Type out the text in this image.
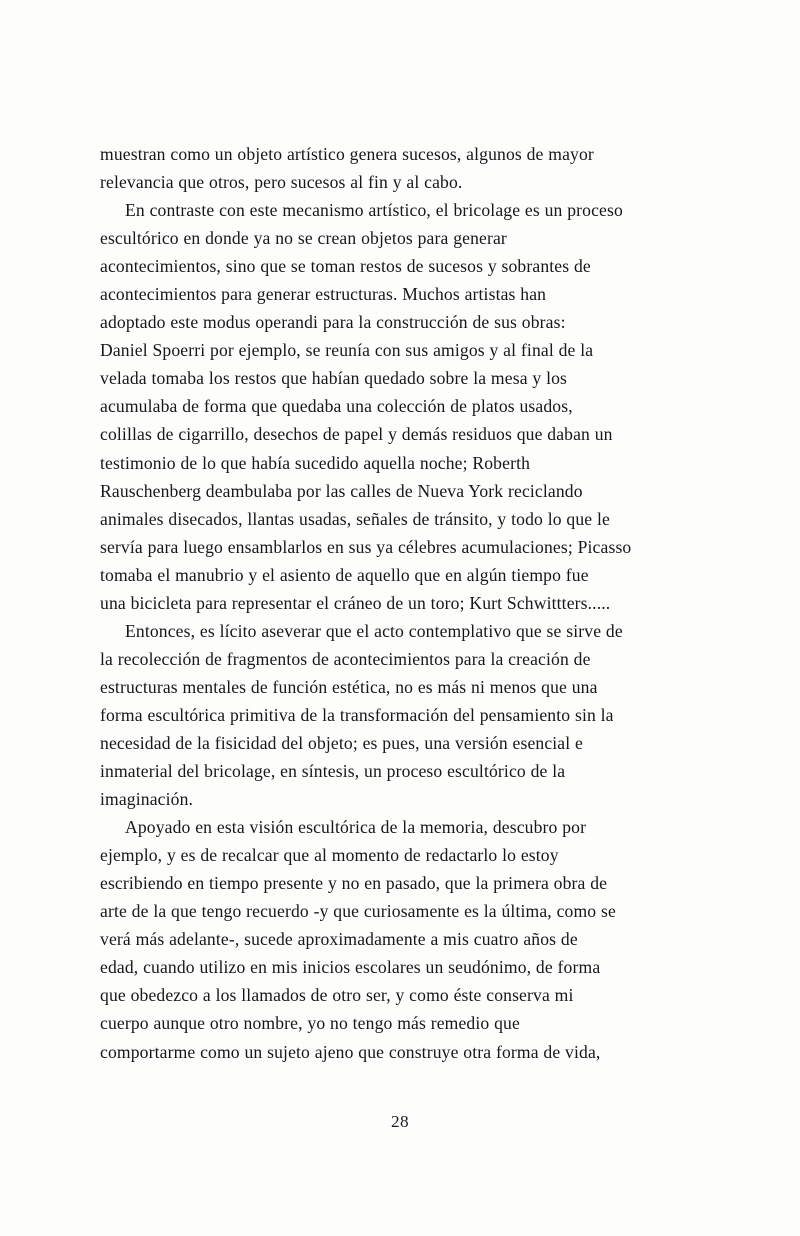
muestran como un objeto artístico genera sucesos, algunos de mayor
relevancia que otros, pero sucesos al fin y al cabo.

En contraste con este mecanismo artístico, el bricolage es un proceso
escultórico en donde ya no se crean objetos para generar
acontecimientos, sino que se toman restos de sucesos y sobrantes de
acontecimientos para generar estructuras. Muchos artistas han
adoptado este modus operandi para la construcción de sus obras:
Daniel Spoerri por ejemplo, se reunía con sus amigos y al final de la
velada tomaba los restos que habían quedado sobre la mesa y los
acumulaba de forma que quedaba una colección de platos usados,
colillas de cigarrillo, desechos de papel y demás residuos que daban un
testimonio de lo que había sucedido aquella noche; Roberth
Rauschenberg deambulaba por las calles de Nueva York reciclando
animales disecados, llantas usadas, señales de tránsito, y todo lo que le
servía para luego ensamblarlos en sus ya célebres acumulaciones; Picasso
tomaba el manubrio y el asiento de aquello que en algún tiempo fue
una bicicleta para representar el cráneo de un toro; Kurt Schwittters.....

Entonces, es lícito aseverar que el acto contemplativo que se sirve de
la recolección de fragmentos de acontecimientos para la creación de
estructuras mentales de función estética, no es más ni menos que una
forma escultórica primitiva de la transformación del pensamiento sin la
necesidad de la fisicidad del objeto; es pues, una versión esencial e
inmaterial del bricolage, en síntesis, un proceso escultórico de la
imaginación.

Apoyado en esta visión escultórica de la memoria, descubro por
ejemplo, y es de recalcar que al momento de redactarlo lo estoy
escribiendo en tiempo presente y no en pasado, que la primera obra de
arte de la que tengo recuerdo -y que curiosamente es la última, como se
verá más adelante-, sucede aproximadamente a mis cuatro años de
edad, cuando utilizo en mis inicios escolares un seudónimo, de forma
que obedezco a los llamados de otro ser, y como éste conserva mi
cuerpo aunque otro nombre, yo no tengo más remedio que
comportarme como un sujeto ajeno que construye otra forma de vida,

28
